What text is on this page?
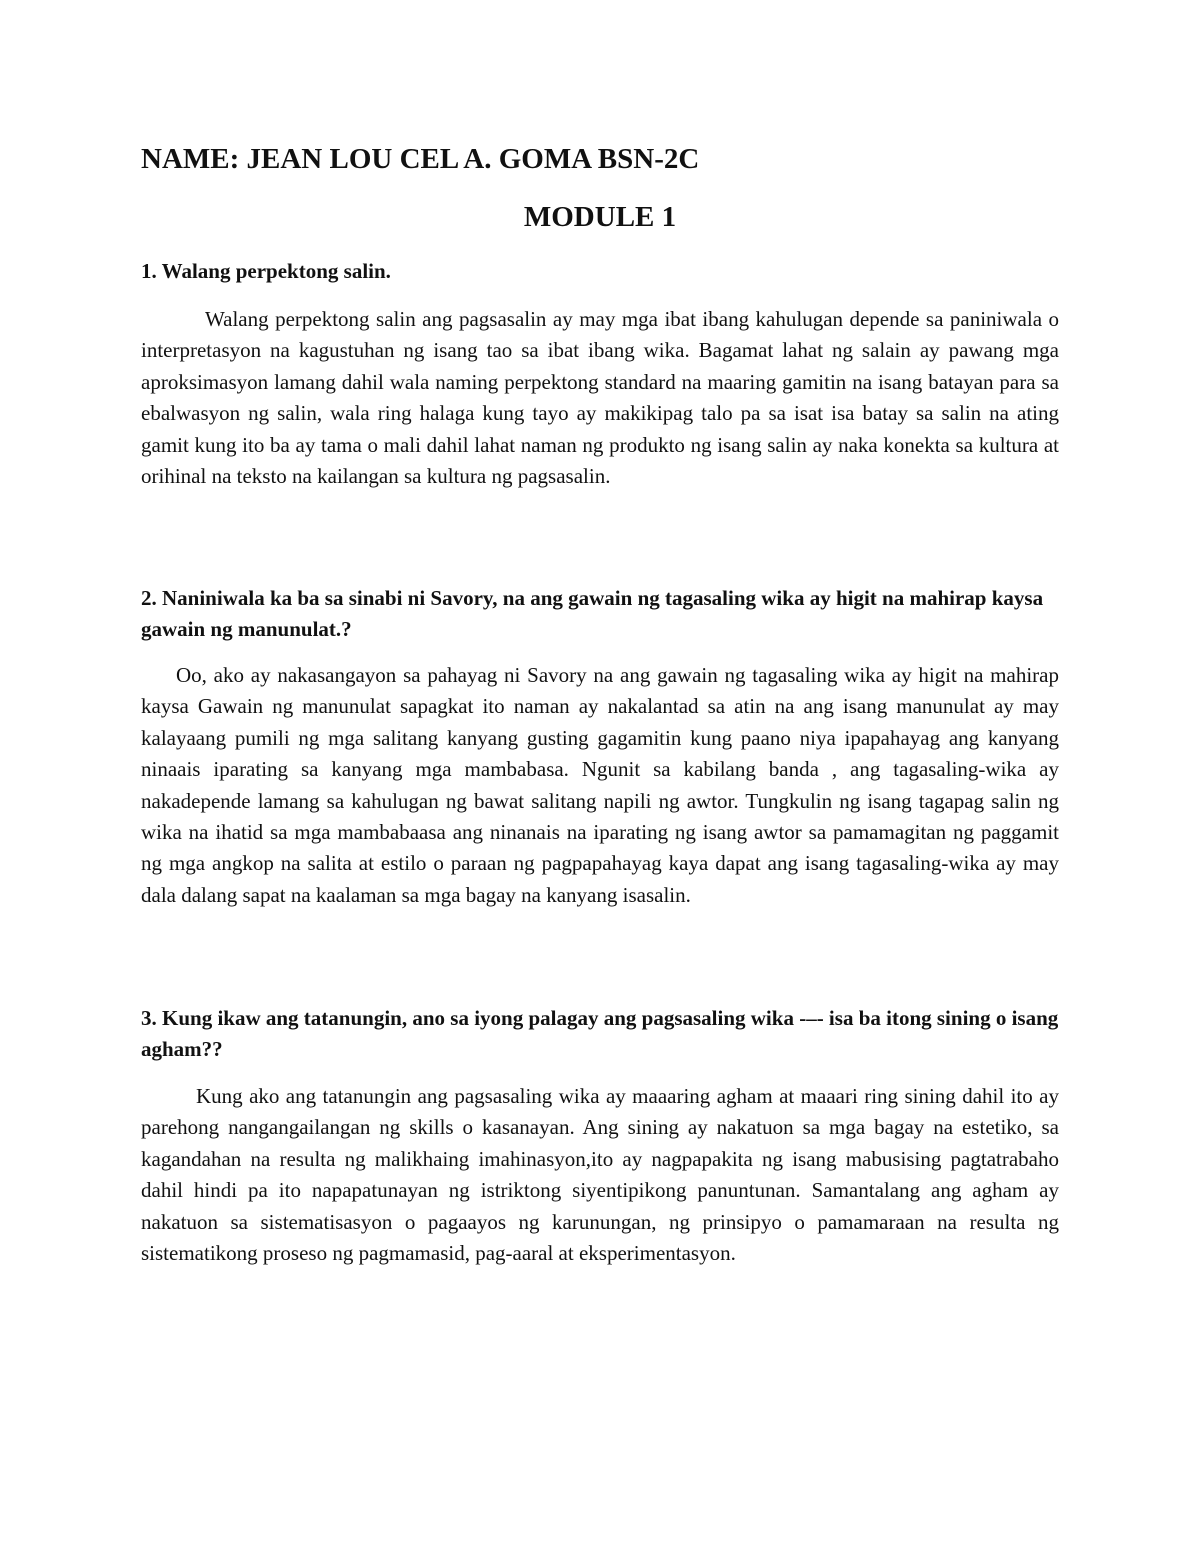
NAME: JEAN LOU CEL A. GOMA BSN-2C
MODULE 1
1. Walang perpektong salin.
Walang perpektong salin ang pagsasalin ay may mga ibat ibang kahulugan depende sa paniniwala o interpretasyon na kagustuhan ng isang tao sa ibat ibang wika. Bagamat lahat ng salain ay pawang mga aproksimasyon lamang dahil wala naming perpektong standard na maaring gamitin na isang batayan para sa ebalwasyon ng salin, wala ring halaga kung tayo ay makikipag talo pa sa isat isa batay sa salin na ating gamit kung ito ba ay tama o mali dahil lahat naman ng produkto ng isang salin ay naka konekta sa kultura at orihinal na teksto na kailangan sa kultura ng pagsasalin.
2. Naniniwala ka ba sa sinabi ni Savory, na ang gawain ng tagasaling wika ay higit na mahirap kaysa gawain ng manunulat.?
Oo, ako ay nakasangayon sa pahayag ni Savory na ang gawain ng tagasaling wika ay higit na mahirap kaysa Gawain ng manunulat sapagkat ito naman ay nakalantad sa atin na ang isang manunulat ay may kalayaang pumili ng mga salitang kanyang gusting gagamitin kung paano niya ipapahayag ang kanyang ninaais iparating sa kanyang mga mambabasa. Ngunit sa kabilang banda , ang tagasaling-wika ay nakadepende lamang sa kahulugan ng bawat salitang napili ng awtor. Tungkulin ng isang tagapag salin ng wika na ihatid sa mga mambabaasa ang ninanais na iparating ng isang awtor sa pamamagitan ng paggamit ng mga angkop na salita at estilo o paraan ng pagpapahayag kaya dapat ang isang tagasaling-wika ay may dala dalang sapat na kaalaman sa mga bagay na kanyang isasalin.
3. Kung ikaw ang tatanungin, ano sa iyong palagay ang pagsasaling wika -–- isa ba itong sining o isang agham??
Kung ako ang tatanungin ang pagsasaling wika ay maaaring agham at maaari ring sining dahil ito ay parehong nangangailangan ng skills o kasanayan. Ang sining ay nakatuon sa mga bagay na estetiko, sa kagandahan na resulta ng malikhaing imahinasyon,ito ay nagpapakita ng isang mabusising pagtatrabaho dahil hindi pa ito napapatunayan ng istriktong siyentipikong panuntunan. Samantalang ang agham ay nakatuon sa sistematisasyon o pagaayos ng karunungan, ng prinsipyo o pamamaraan na resulta ng sistematikong proseso ng pagmamasid, pag-aaral at eksperimentasyon.
